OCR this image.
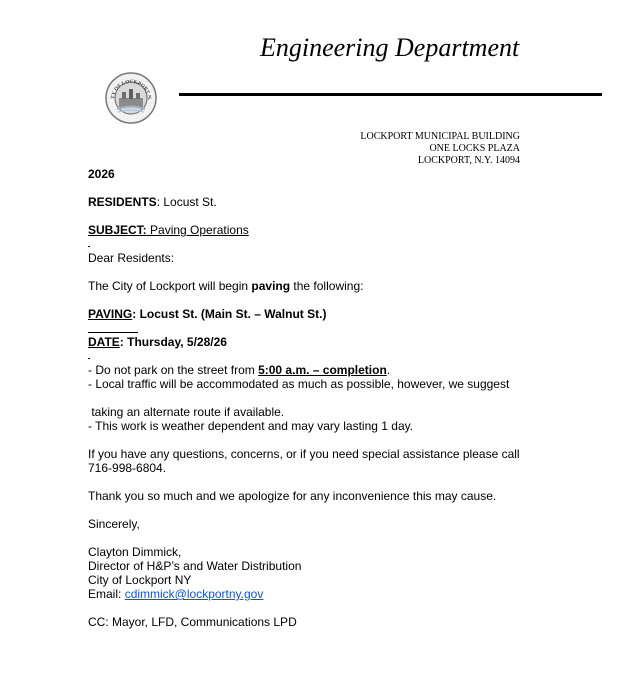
Engineering Department
TY OF LOCKPORT N.
LOCKPORT MUNICIPAL BUILDING
ONE LOCKS PLAZA
LOCKPORT, N.Y. 14094
2026
RESIDENTS: Locust St.
SUBJECT: Paving Operations
Dear Residents:
The City of Lockport will begin paving the following:
PAVING: Locust St. (Main St. – Walnut St.)
DATE: Thursday, 5/28/26
- Do not park on the street from 5:00 a.m. – completion.
- Local traffic will be accommodated as much as possible, however, we suggest
taking an alternate route if available.
- This work is weather dependent and may vary lasting 1 day.
If you have any questions, concerns, or if you need special assistance please call
716-998-6804.
Thank you so much and we apologize for any inconvenience this may cause.
Sincerely,
Clayton Dimmick,
Director of H&P’s and Water Distribution
City of Lockport NY
Email: cdimmick@lockportny.gov
CC: Mayor, LFD, Communications LPD
